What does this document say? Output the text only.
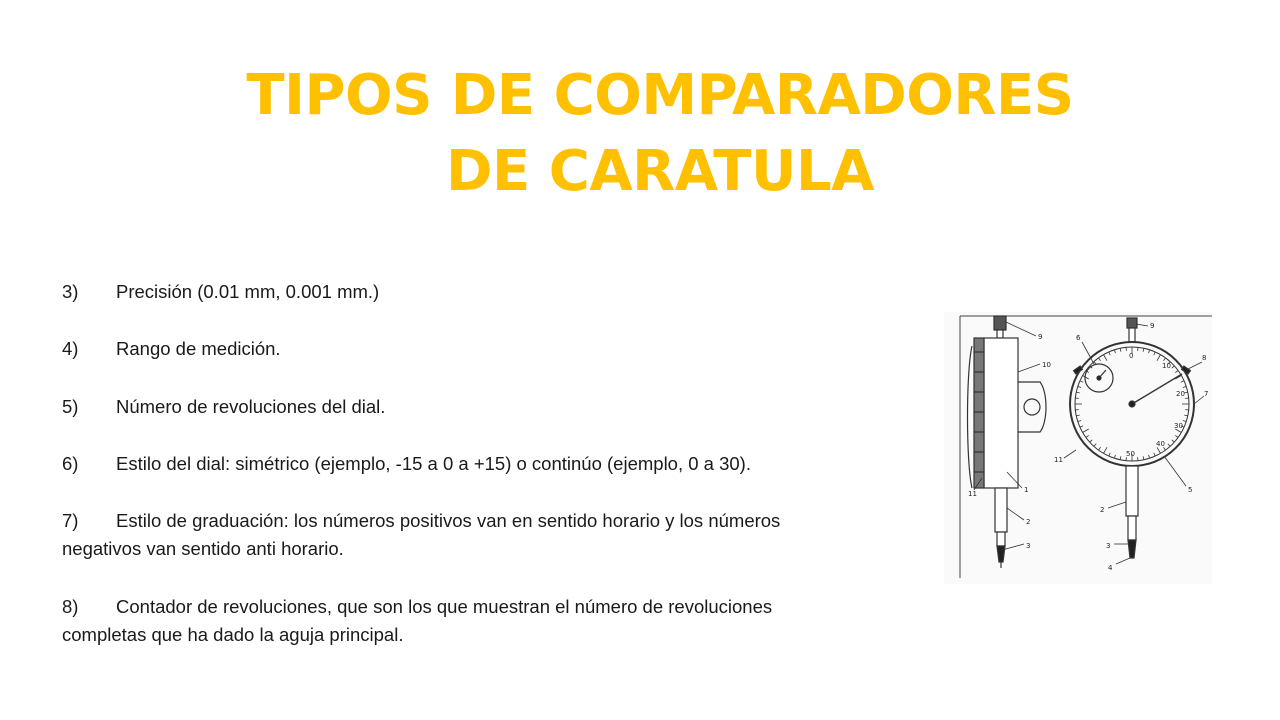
TIPOS DE COMPARADORES
DE CARATULA
3) Precisión (0.01 mm, 0.001 mm.)
4) Rango de medición.
5) Número de revoluciones del dial.
6) Estilo del dial: simétrico (ejemplo, -15 a 0 a +15) o continúo (ejemplo, 0 a 30).
7) Estilo de graduación: los números positivos van en sentido horario y los números
negativos van sentido anti horario.
8) Contador de revoluciones, que son los que muestran el número de revoluciones
completas que ha dado la aguja principal.
9
10
1
2
3
11
0
10
20
30
40
50
9
6
8
7
11
5
2
3
4
